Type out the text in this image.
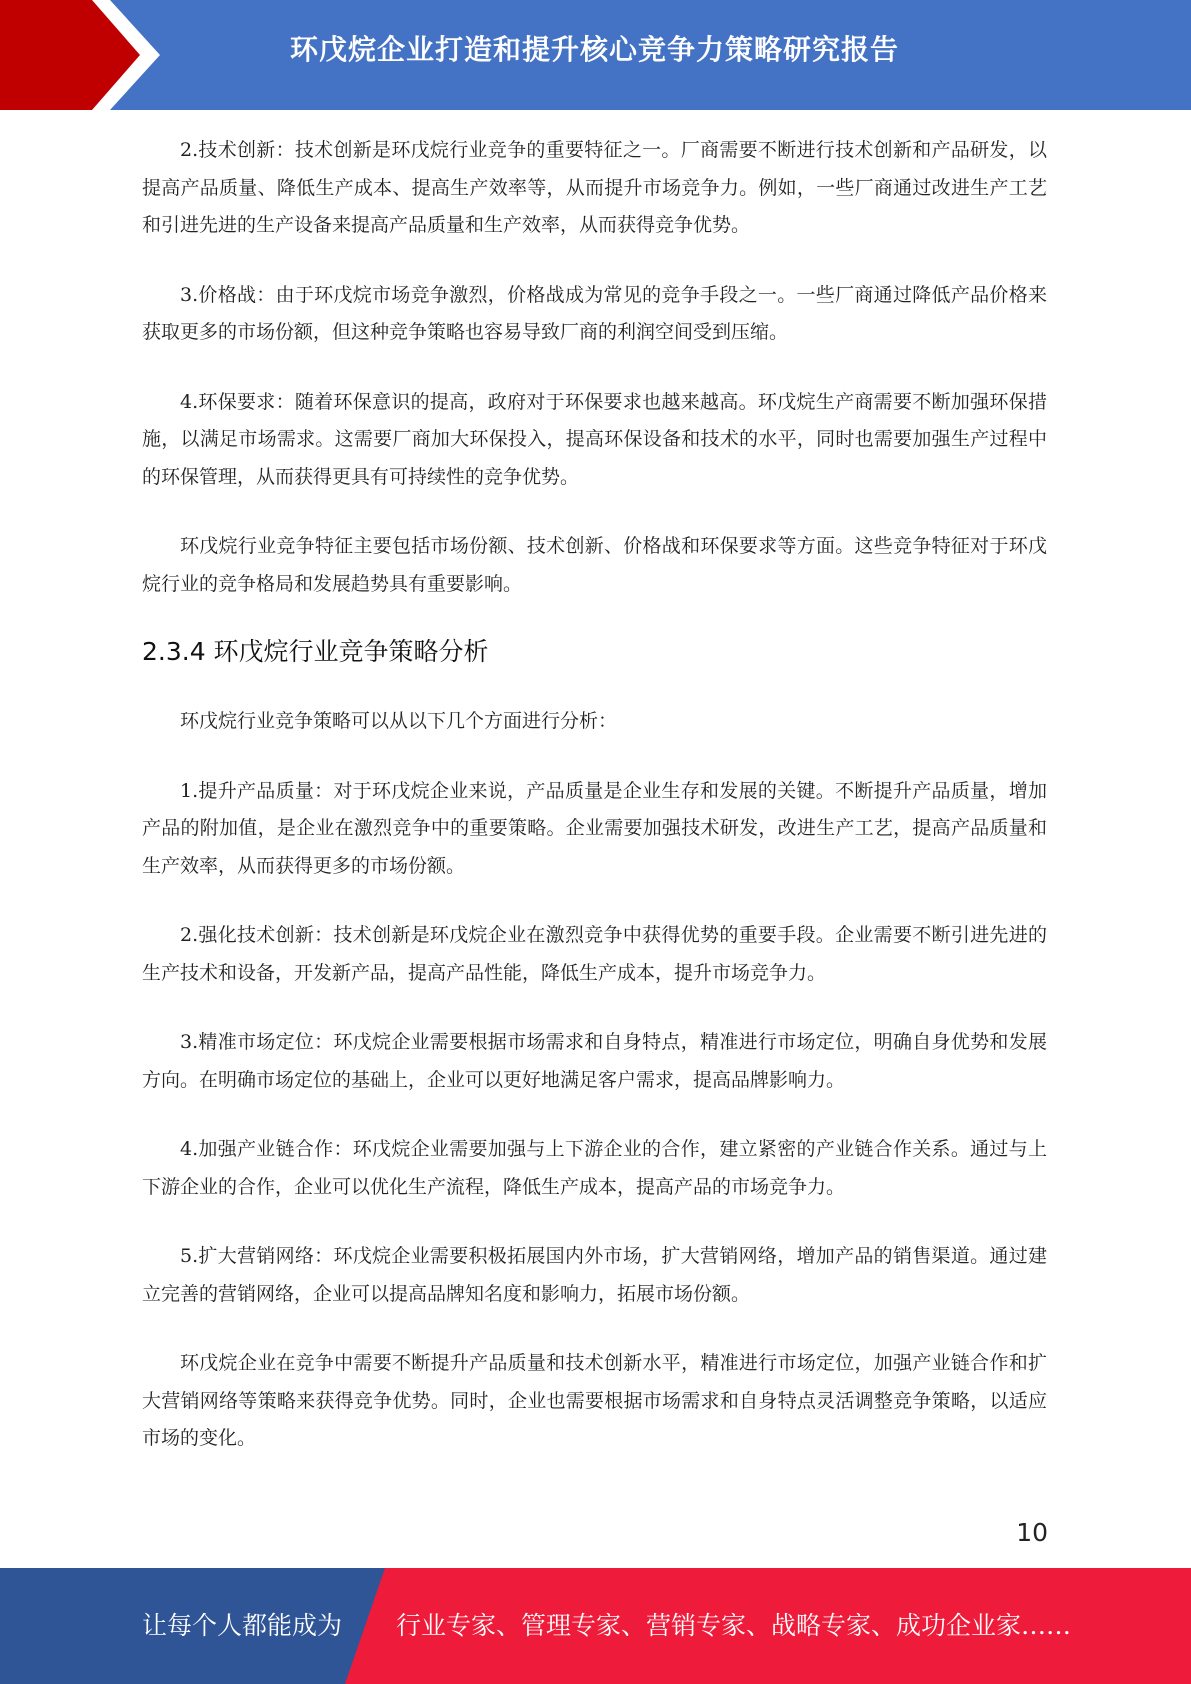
环戊烷企业打造和提升核心竞争力策略研究报告

2.技术创新：技术创新是环戊烷行业竞争的重要特征之一。厂商需要不断进行技术创新和产品研发，以提高产品质量、降低生产成本、提高生产效率等，从而提升市场竞争力。例如，一些厂商通过改进生产工艺和引进先进的生产设备来提高产品质量和生产效率，从而获得竞争优势。

3.价格战：由于环戊烷市场竞争激烈，价格战成为常见的竞争手段之一。一些厂商通过降低产品价格来获取更多的市场份额，但这种竞争策略也容易导致厂商的利润空间受到压缩。

4.环保要求：随着环保意识的提高，政府对于环保要求也越来越高。环戊烷生产商需要不断加强环保措施，以满足市场需求。这需要厂商加大环保投入，提高环保设备和技术的水平，同时也需要加强生产过程中的环保管理，从而获得更具有可持续性的竞争优势。

环戊烷行业竞争特征主要包括市场份额、技术创新、价格战和环保要求等方面。这些竞争特征对于环戊烷行业的竞争格局和发展趋势具有重要影响。

2.3.4 环戊烷行业竞争策略分析

环戊烷行业竞争策略可以从以下几个方面进行分析：

1.提升产品质量：对于环戊烷企业来说，产品质量是企业生存和发展的关键。不断提升产品质量，增加产品的附加值，是企业在激烈竞争中的重要策略。企业需要加强技术研发，改进生产工艺，提高产品质量和生产效率，从而获得更多的市场份额。

2.强化技术创新：技术创新是环戊烷企业在激烈竞争中获得优势的重要手段。企业需要不断引进先进的生产技术和设备，开发新产品，提高产品性能，降低生产成本，提升市场竞争力。

3.精准市场定位：环戊烷企业需要根据市场需求和自身特点，精准进行市场定位，明确自身优势和发展方向。在明确市场定位的基础上，企业可以更好地满足客户需求，提高品牌影响力。

4.加强产业链合作：环戊烷企业需要加强与上下游企业的合作，建立紧密的产业链合作关系。通过与上下游企业的合作，企业可以优化生产流程，降低生产成本，提高产品的市场竞争力。

5.扩大营销网络：环戊烷企业需要积极拓展国内外市场，扩大营销网络，增加产品的销售渠道。通过建立完善的营销网络，企业可以提高品牌知名度和影响力，拓展市场份额。

环戊烷企业在竞争中需要不断提升产品质量和技术创新水平，精准进行市场定位，加强产业链合作和扩大营销网络等策略来获得竞争优势。同时，企业也需要根据市场需求和自身特点灵活调整竞争策略，以适应市场的变化。

10
让每个人都能成为 行业专家、管理专家、营销专家、战略专家、成功企业家……
